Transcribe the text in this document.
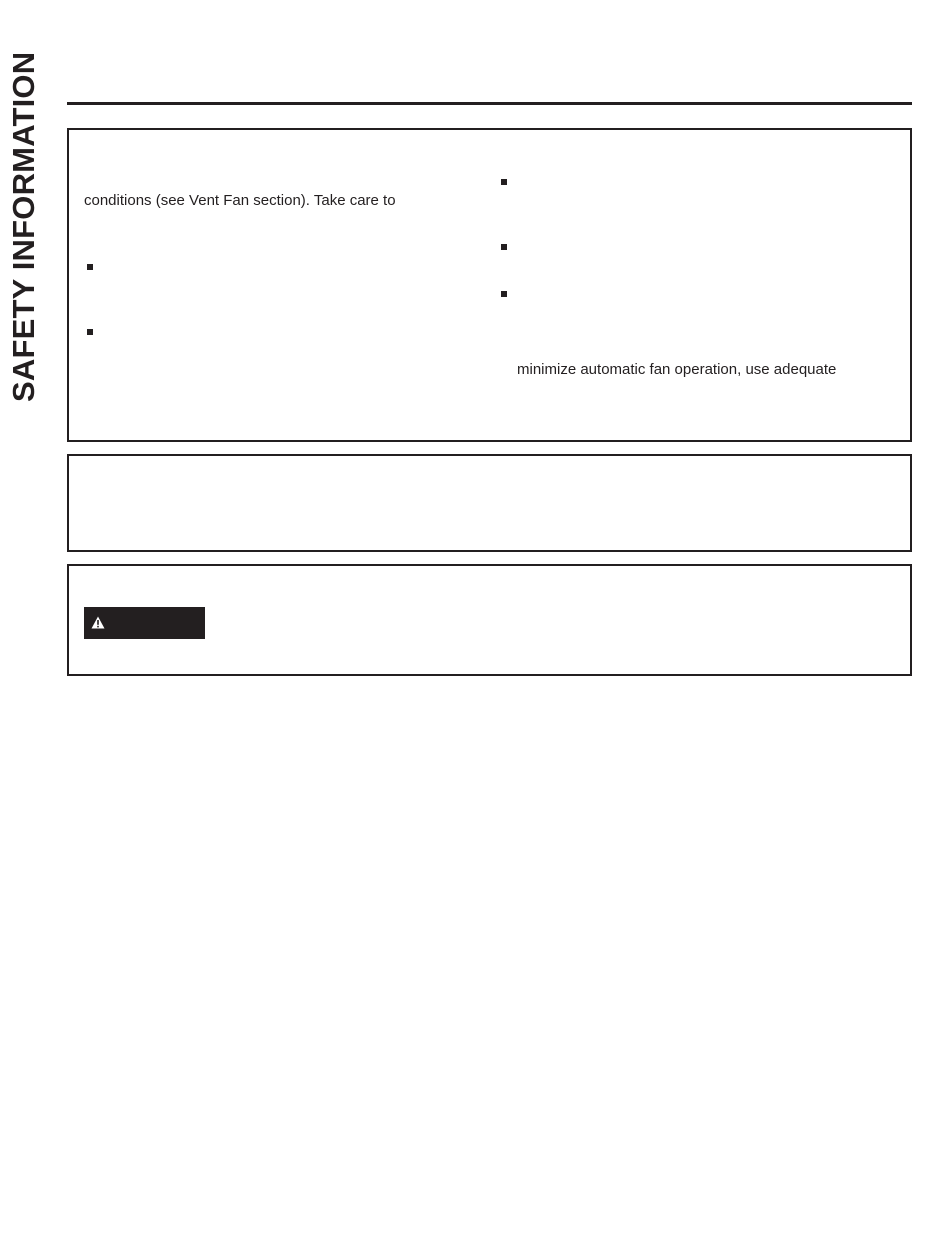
SAFETY INFORMATION	conditions (see Vent Fan section). Take care to
minimize automatic fan operation, use adequate
